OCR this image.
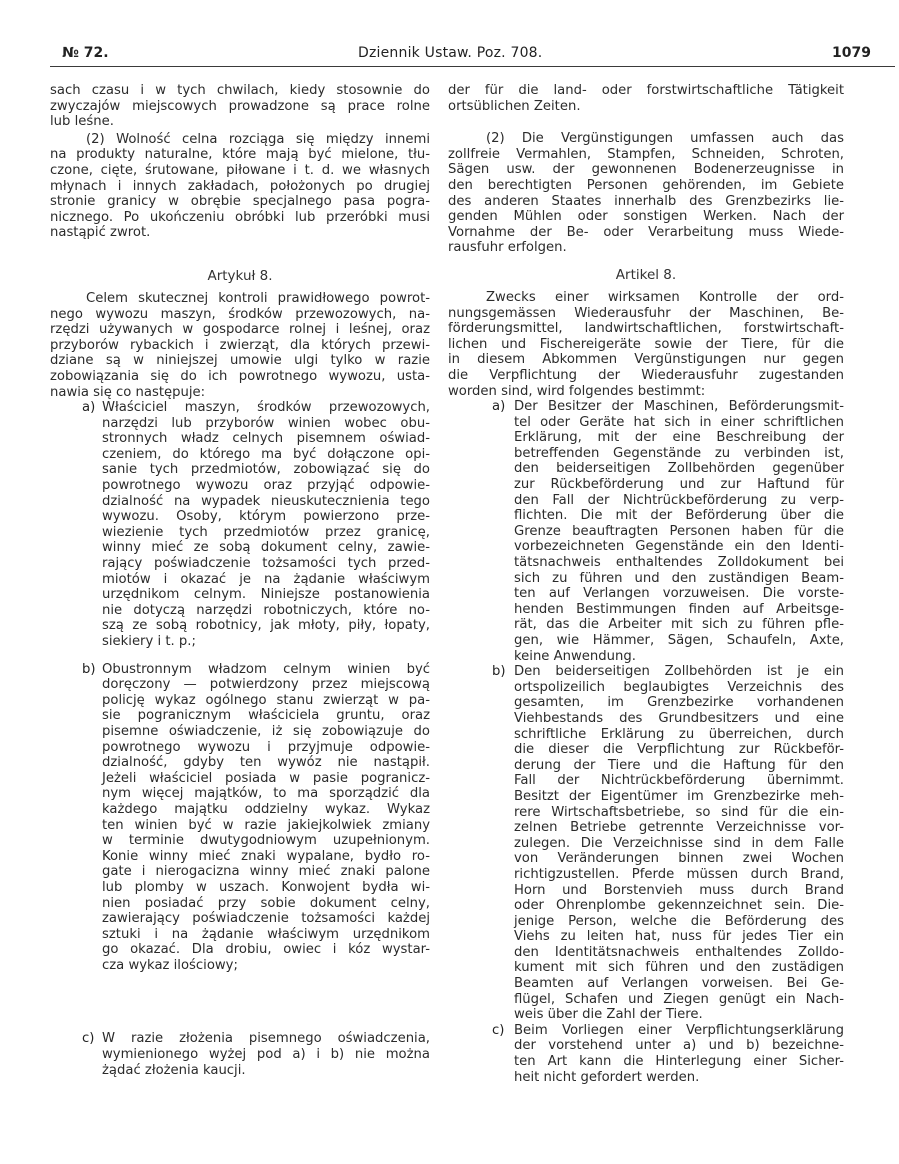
№ 72.	Dziennik Ustaw. Poz. 708.	1079
sach czasu i w tych chwilach, kiedy stosownie do
zwyczajów miejscowych prowadzone są prace rolne
lub leśne.
(2) Wolność celna rozciąga się między innemi
na produkty naturalne, które mają być mielone, tłu-
czone, cięte, śrutowane, piłowane i t. d. we własnych
młynach i innych zakładach, położonych po drugiej
stronie granicy w obrębie specjalnego pasa pogra-
nicznego. Po ukończeniu obróbki lub przeróbki musi
nastąpić zwrot.
Artykuł 8.
Celem skutecznej kontroli prawidłowego powrot-
nego wywozu maszyn, środków przewozowych, na-
rzędzi używanych w gospodarce rolnej i leśnej, oraz
przyborów rybackich i zwierząt, dla których przewi-
dziane są w niniejszej umowie ulgi tylko w razie
zobowiązania się do ich powrotnego wywozu, usta-
nawia się co następuje:
a) Właściciel maszyn, środków przewozowych,
narzędzi lub przyborów winien wobec obu-
stronnych władz celnych pisemnem oświad-
czeniem, do którego ma być dołączone opi-
sanie tych przedmiotów, zobowiązać się do
powrotnego wywozu oraz przyjąć odpowie-
dzialność na wypadek nieuskutecznienia tego
wywozu. Osoby, którym powierzono prze-
wiezienie tych przedmiotów przez granicę,
winny mieć ze sobą dokument celny, zawie-
rający poświadczenie tożsamości tych przed-
miotów i okazać je na żądanie właściwym
urzędnikom celnym. Niniejsze postanowienia
nie dotyczą narzędzi robotniczych, które no-
szą ze sobą robotnicy, jak młoty, piły, łopaty,
siekiery i t. p.;
b) Obustronnym władzom celnym winien być
doręczony — potwierdzony przez miejscową
policję wykaz ogólnego stanu zwierząt w pa-
sie pogranicznym właściciela gruntu, oraz
pisemne oświadczenie, iż się zobowiązuje do
powrotnego wywozu i przyjmuje odpowie-
dzialność, gdyby ten wywóz nie nastąpił.
Jeżeli właściciel posiada w pasie pogranicz-
nym więcej majątków, to ma sporządzić dla
każdego majątku oddzielny wykaz. Wykaz
ten winien być w razie jakiejkolwiek zmiany
w terminie dwutygodniowym uzupełnionym.
Konie winny mieć znaki wypalane, bydło ro-
gate i nierogacizna winny mieć znaki palone
lub plomby w uszach. Konwojent bydła wi-
nien posiadać przy sobie dokument celny,
zawierający poświadczenie tożsamości każdej
sztuki i na żądanie właściwym urzędnikom
go okazać. Dla drobiu, owiec i kóz wystar-
cza wykaz ilościowy;
c) W razie złożenia pisemnego oświadczenia,
wymienionego wyżej pod a) i b) nie można
żądać złożenia kaucji.
der für die land- oder forstwirtschaftliche Tätigkeit
ortsüblichen Zeiten.
(2) Die Vergünstigungen umfassen auch das
zollfreie Vermahlen, Stampfen, Schneiden, Schroten,
Sägen usw. der gewonnenen Bodenerzeugnisse in
den berechtigten Personen gehörenden, im Gebiete
des anderen Staates innerhalb des Grenzbezirks lie-
genden Mühlen oder sonstigen Werken. Nach der
Vornahme der Be- oder Verarbeitung muss Wiede-
rausfuhr erfolgen.
Artikel 8.
Zwecks einer wirksamen Kontrolle der ord-
nungsgemässen Wiederausfuhr der Maschinen, Be-
förderungsmittel, landwirtschaftlichen, forstwirtschaft-
lichen und Fischereigeräte sowie der Tiere, für die
in diesem Abkommen Vergünstigungen nur gegen
die Verpflichtung der Wiederausfuhr zugestanden
worden sind, wird folgendes bestimmt:
a) Der Besitzer der Maschinen, Beförderungsmit-
tel oder Geräte hat sich in einer schriftlichen
Erklärung, mit der eine Beschreibung der
betreffenden Gegenstände zu verbinden ist,
den beiderseitigen Zollbehörden gegenüber
zur Rückbeförderung und zur Haftund für
den Fall der Nichtrückbeförderung zu verp-
flichten. Die mit der Beförderung über die
Grenze beauftragten Personen haben für die
vorbezeichneten Gegenstände ein den Identi-
tätsnachweis enthaltendes Zolldokument bei
sich zu führen und den zuständigen Beam-
ten auf Verlangen vorzuweisen. Die vorste-
henden Bestimmungen finden auf Arbeitsge-
rät, das die Arbeiter mit sich zu führen pfle-
gen, wie Hämmer, Sägen, Schaufeln, Axte,
keine Anwendung.
b) Den beiderseitigen Zollbehörden ist je ein
ortspolizeilich beglaubigtes Verzeichnis des
gesamten, im Grenzbezirke vorhandenen
Viehbestands des Grundbesitzers und eine
schriftliche Erklärung zu überreichen, durch
die dieser die Verpflichtung zur Rückbeför-
derung der Tiere und die Haftung für den
Fall der Nichtrückbeförderung übernimmt.
Besitzt der Eigentümer im Grenzbezirke meh-
rere Wirtschaftsbetriebe, so sind für die ein-
zelnen Betriebe getrennte Verzeichnisse vor-
zulegen. Die Verzeichnisse sind in dem Falle
von Veränderungen binnen zwei Wochen
richtigzustellen. Pferde müssen durch Brand,
Horn und Borstenvieh muss durch Brand
oder Ohrenplombe gekennzeichnet sein. Die-
jenige Person, welche die Beförderung des
Viehs zu leiten hat, nuss für jedes Tier ein
den Identitätsnachweis enthaltendes Zolldo-
kument mit sich führen und den zustädigen
Beamten auf Verlangen vorweisen. Bei Ge-
flügel, Schafen und Ziegen genügt ein Nach-
weis über die Zahl der Tiere.
c) Beim Vorliegen einer Verpflichtungserklärung
der vorstehend unter a) und b) bezeichne-
ten Art kann die Hinterlegung einer Sicher-
heit nicht gefordert werden.
